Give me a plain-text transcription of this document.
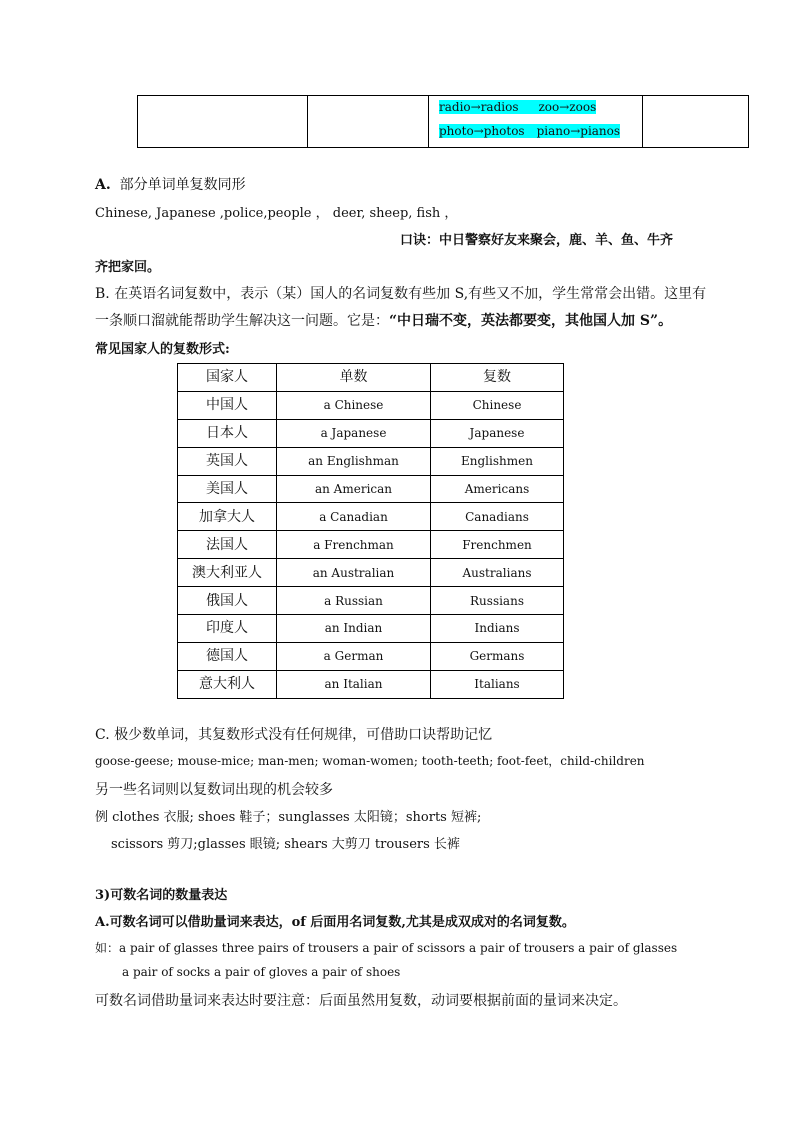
radio→radios zoo→zoos
photo→photos piano→pianos

A. 部分单词单复数同形
Chinese, Japanese ,police,people ， deer, sheep, fish ，
口诀：中日警察好友来聚会，鹿、羊、鱼、牛齐
齐把家回。
B. 在英语名词复数中，表示（某）国人的名词复数有些加 S,有些又不加，学生常常会出错。这里有
一条顺口溜就能帮助学生解决这一问题。它是：“中日瑞不变，英法都要变，其他国人加 S”。
常见国家人的复数形式:
国家人	单数	复数
中国人	a Chinese	Chinese
日本人	a Japanese	Japanese
英国人	an Englishman	Englishmen
美国人	an American	Americans
加拿大人	a Canadian	Canadians
法国人	a Frenchman	Frenchmen
澳大利亚人	an Australian	Australians
俄国人	a Russian	Russians
印度人	an Indian	Indians
德国人	a German	Germans
意大利人	an Italian	Italians
C. 极少数单词，其复数形式没有任何规律，可借助口诀帮助记忆
goose-geese; mouse-mice; man-men; woman-women; tooth-teeth; foot-feet，child-children
另一些名词则以复数词出现的机会较多
例 clothes 衣服; shoes 鞋子；sunglasses 太阳镜；shorts 短裤;
scissors 剪刀;glasses 眼镜; shears 大剪刀 trousers 长裤
3)可数名词的数量表达
A.可数名词可以借助量词来表达，of 后面用名词复数,尤其是成双成对的名词复数。
如：a pair of glasses three pairs of trousers a pair of scissors a pair of trousers a pair of glasses
a pair of socks a pair of gloves a pair of shoes
可数名词借助量词来表达时要注意：后面虽然用复数，动词要根据前面的量词来决定。
